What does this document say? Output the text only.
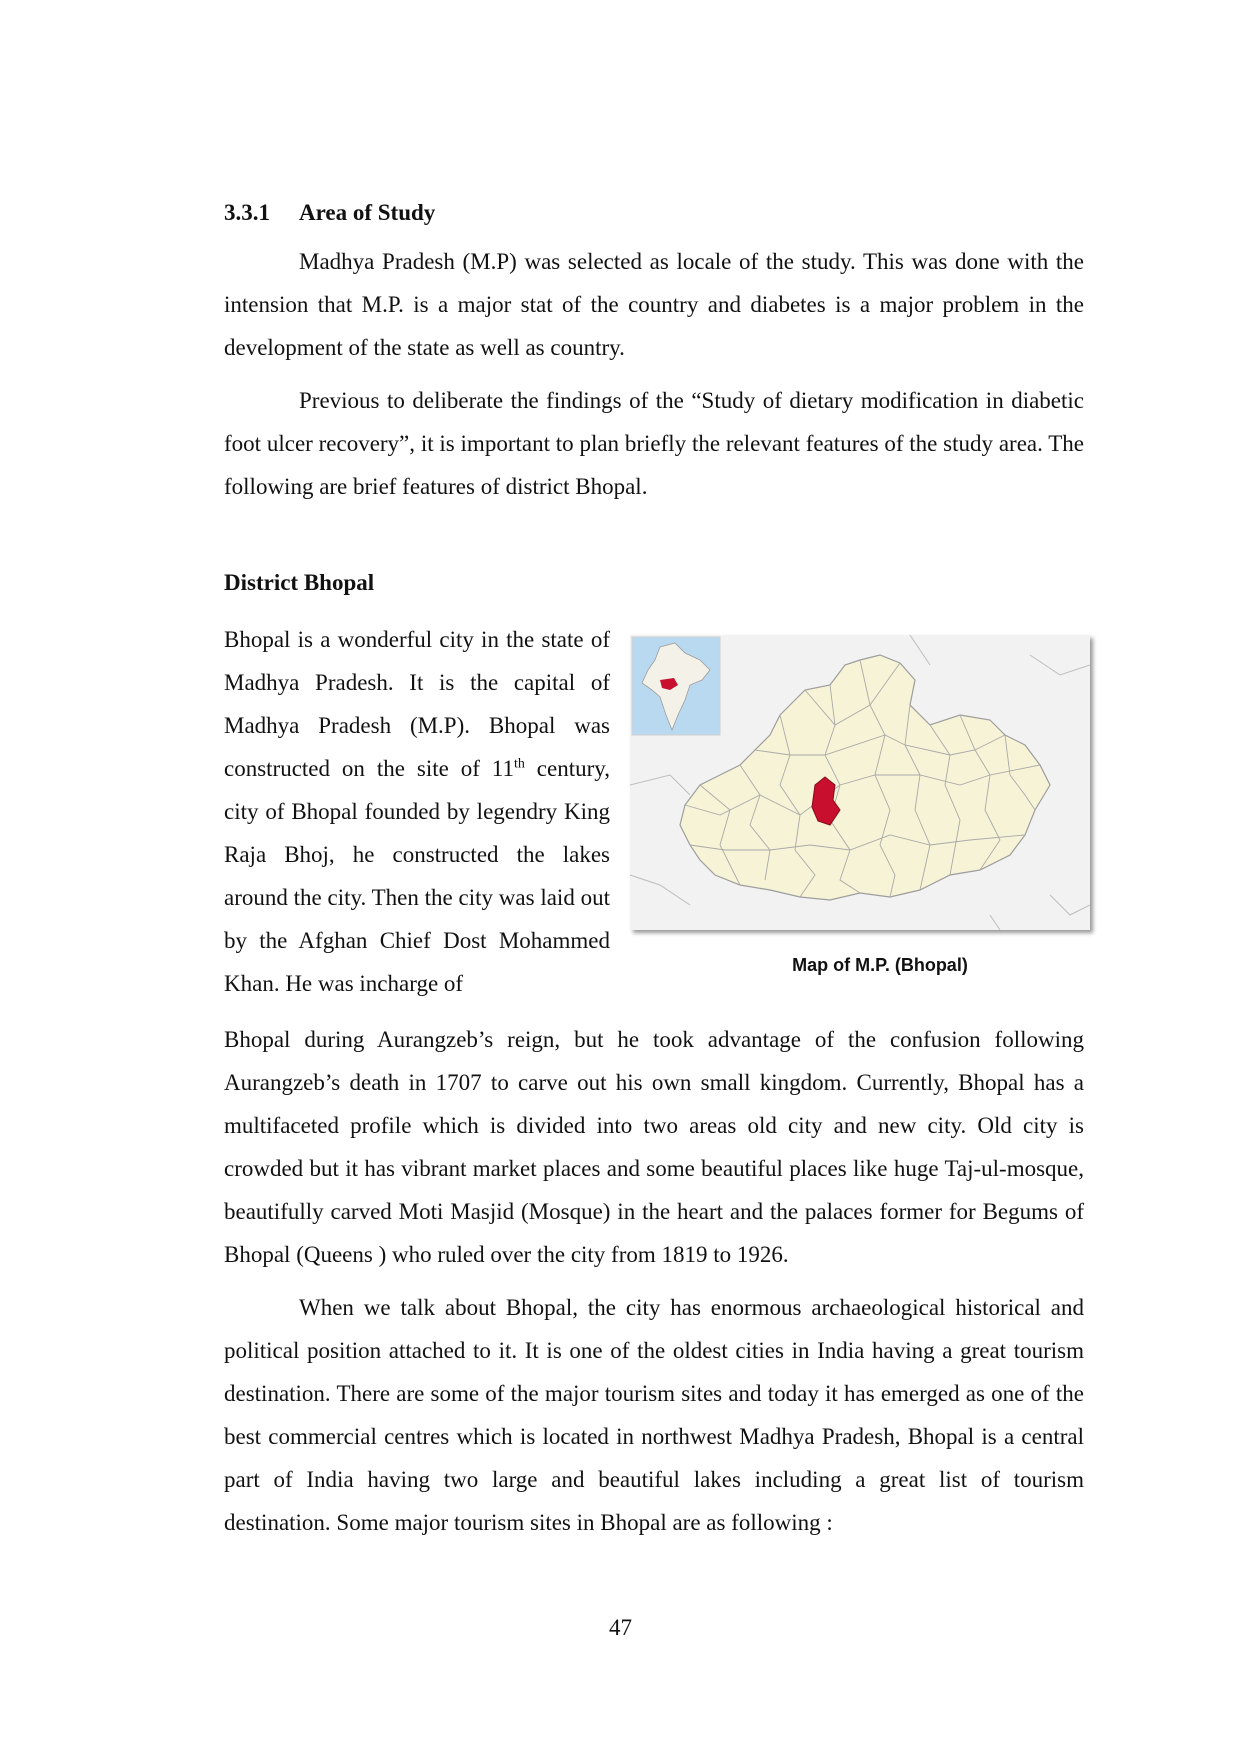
3.3.1 Area of Study

Madhya Pradesh (M.P) was selected as locale of the study. This was done with the intension that M.P. is a major stat of the country and diabetes is a major problem in the development of the state as well as country.

Previous to deliberate the findings of the “Study of dietary modification in diabetic foot ulcer recovery”, it is important to plan briefly the relevant features of the study area. The following are brief features of district Bhopal.

District Bhopal

Bhopal is a wonderful city in the state of Madhya Pradesh. It is the capital of Madhya Pradesh (M.P). Bhopal was constructed on the site of 11th century, city of Bhopal founded by legendry King Raja Bhoj, he constructed the lakes around the city. Then the city was laid out by the Afghan Chief Dost Mohammed Khan. He was incharge of

Map of M.P. (Bhopal)

Bhopal during Aurangzeb’s reign, but he took advantage of the confusion following Aurangzeb’s death in 1707 to carve out his own small kingdom. Currently, Bhopal has a multifaceted profile which is divided into two areas old city and new city. Old city is crowded but it has vibrant market places and some beautiful places like huge Taj-ul-mosque, beautifully carved Moti Masjid (Mosque) in the heart and the palaces former for Begums of Bhopal (Queens ) who ruled over the city from 1819 to 1926.

When we talk about Bhopal, the city has enormous archaeological historical and political position attached to it. It is one of the oldest cities in India having a great tourism destination. There are some of the major tourism sites and today it has emerged as one of the best commercial centres which is located in northwest Madhya Pradesh, Bhopal is a central part of India having two large and beautiful lakes including a great list of tourism destination. Some major tourism sites in Bhopal are as following :

47
